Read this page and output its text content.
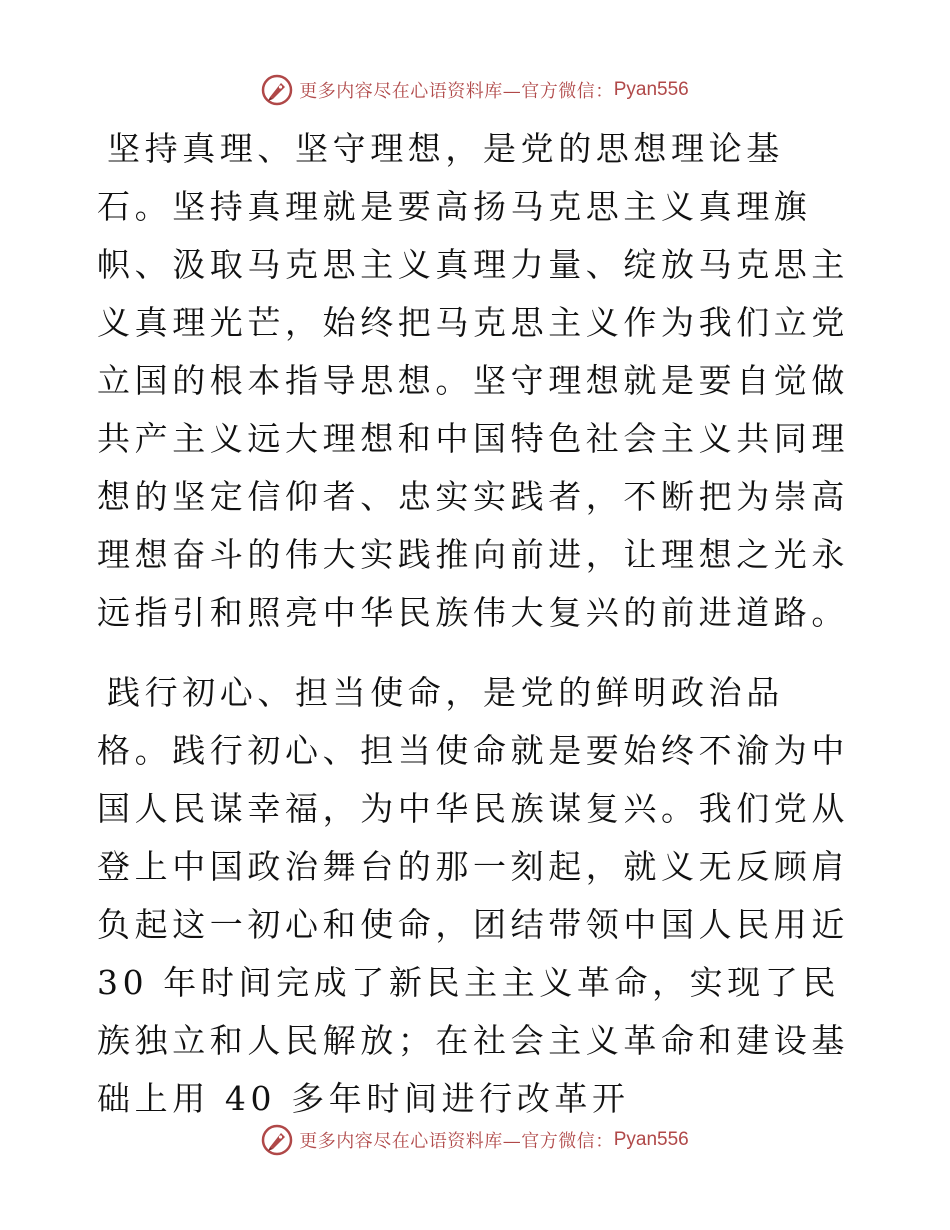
更多内容尽在心语资料库—官方微信： Pyan556

坚持真理、坚守理想，是党的思想理论基石。坚持真理就是要高扬马克思主义真理旗帜、汲取马克思主义真理力量、绽放马克思主义真理光芒，始终把马克思主义作为我们立党立国的根本指导思想。坚守理想就是要自觉做共产主义远大理想和中国特色社会主义共同理想的坚定信仰者、忠实实践者，不断把为崇高理想奋斗的伟大实践推向前进，让理想之光永远指引和照亮中华民族伟大复兴的前进道路。

践行初心、担当使命，是党的鲜明政治品格。践行初心、担当使命就是要始终不渝为中国人民谋幸福，为中华民族谋复兴。我们党从登上中国政治舞台的那一刻起，就义无反顾肩负起这一初心和使命，团结带领中国人民用近 30 年时间完成了新民主主义革命，实现了民族独立和人民解放；在社会主义革命和建设基础上用 40 多年时间进行改革开

更多内容尽在心语资料库—官方微信： Pyan556
